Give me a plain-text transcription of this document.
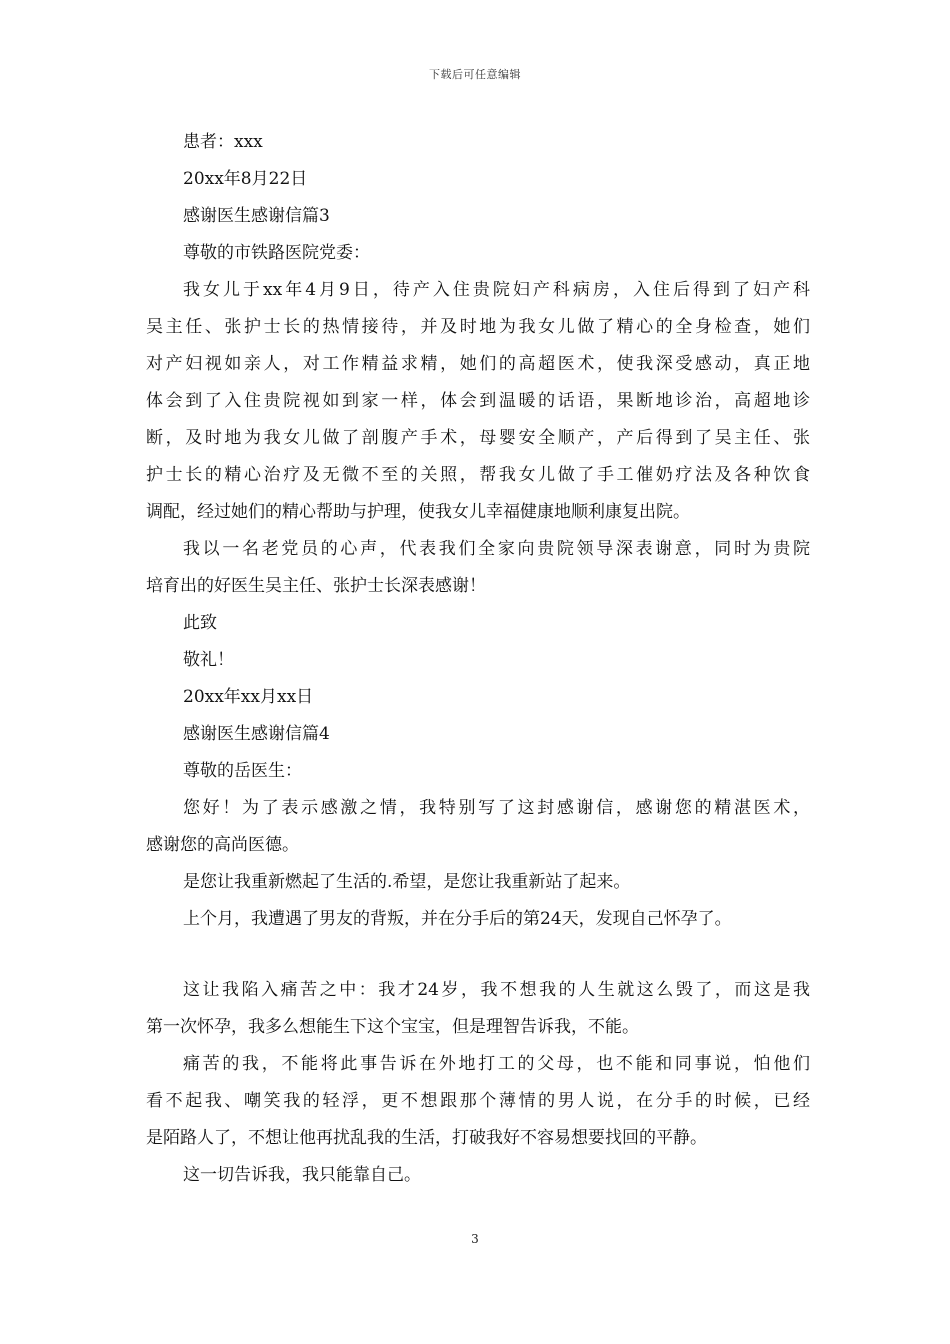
下载后可任意编辑

患者：xxx

20xx年8月22日

感谢医生感谢信篇3

尊敬的市铁路医院党委：

我女儿于xx年4月9日，待产入住贵院妇产科病房，入住后得到了妇产科

吴主任、张护士长的热情接待，并及时地为我女儿做了精心的全身检查，她们

对产妇视如亲人，对工作精益求精，她们的高超医术，使我深受感动，真正地

体会到了入住贵院视如到家一样，体会到温暖的话语，果断地诊治，高超地诊

断，及时地为我女儿做了剖腹产手术，母婴安全顺产，产后得到了吴主任、张

护士长的精心治疗及无微不至的关照，帮我女儿做了手工催奶疗法及各种饮食

调配，经过她们的精心帮助与护理，使我女儿幸福健康地顺利康复出院。

我以一名老党员的心声，代表我们全家向贵院领导深表谢意，同时为贵院

培育出的好医生吴主任、张护士长深表感谢！

此致

敬礼！

20xx年xx月xx日

感谢医生感谢信篇4

尊敬的岳医生：

您好！为了表示感激之情，我特别写了这封感谢信，感谢您的精湛医术，

感谢您的高尚医德。

是您让我重新燃起了生活的.希望，是您让我重新站了起来。

上个月，我遭遇了男友的背叛，并在分手后的第24天，发现自己怀孕了。

这让我陷入痛苦之中：我才24岁，我不想我的人生就这么毁了，而这是我

第一次怀孕，我多么想能生下这个宝宝，但是理智告诉我，不能。

痛苦的我，不能将此事告诉在外地打工的父母，也不能和同事说，怕他们

看不起我、嘲笑我的轻浮，更不想跟那个薄情的男人说，在分手的时候，已经

是陌路人了，不想让他再扰乱我的生活，打破我好不容易想要找回的平静。

这一切告诉我，我只能靠自己。

3
